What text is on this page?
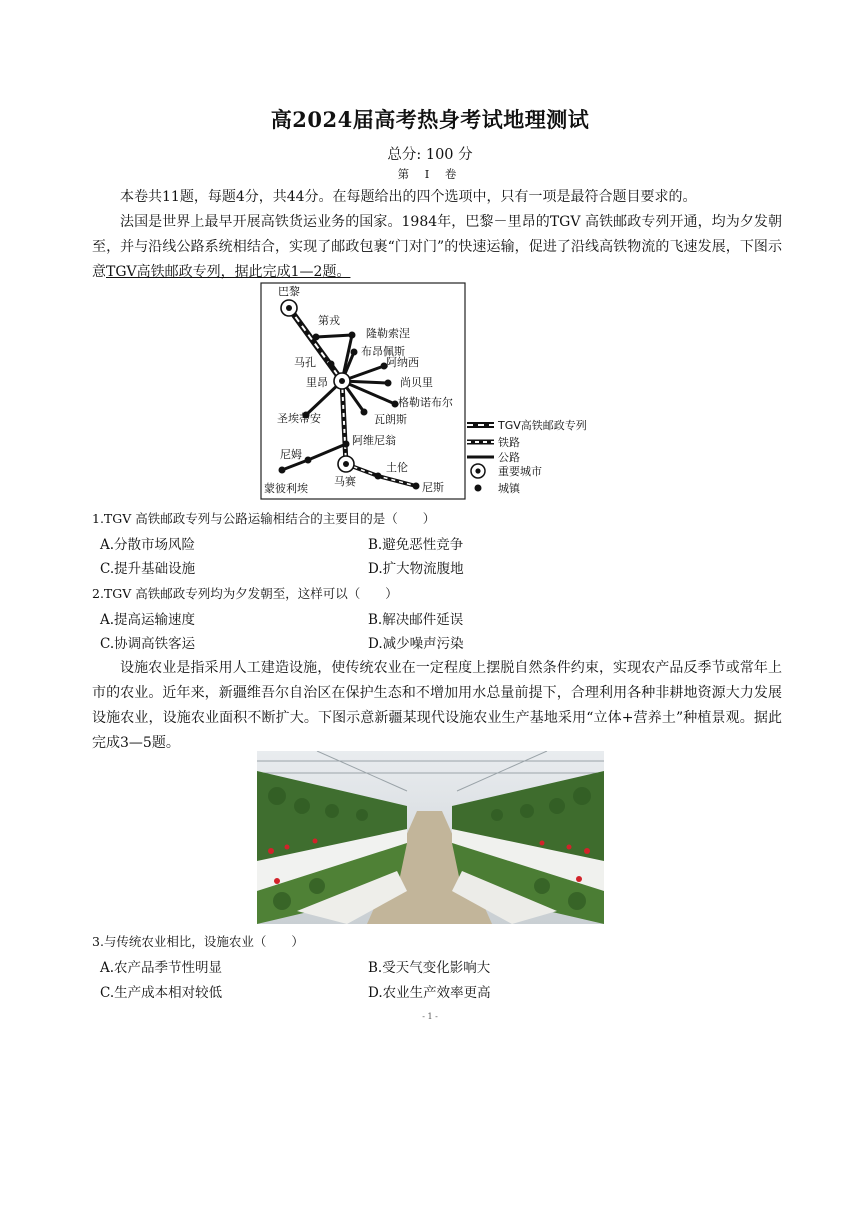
高2024届高考热身考试地理测试
总分: 100 分
第 I 卷
本卷共11题，每题4分，共44分。在每题给出的四个选项中，只有一项是最符合题目要求的。
法国是世界上最早开展高铁货运业务的国家。1984年，巴黎－里昂的TGV 高铁邮政专列开通，均为夕发朝至，并与沿线公路系统相结合，实现了邮政包裹“门对门”的快速运输，促进了沿线高铁物流的飞速发展，下图示意TGV高铁邮政专列，据此完成1—2题。
巴黎
第戎
隆勒索涅
布昂佩斯
马孔	阿纳西
里昂	尚贝里
格勒诺布尔
圣埃蒂安	瓦朗斯
阿维尼翁
尼姆
土伦
蒙彼利埃
马赛	尼斯
TGV高铁邮政专列
铁路
公路
重要城市
城镇
1.TGV 高铁邮政专列与公路运输相结合的主要目的是（　　）
A.分散市场风险	B.避免恶性竞争
C.提升基础设施	D.扩大物流腹地
2.TGV 高铁邮政专列均为夕发朝至，这样可以（　　）
A.提高运输速度	B.解决邮件延误
C.协调高铁客运	D.减少噪声污染
设施农业是指采用人工建造设施，使传统农业在一定程度上摆脱自然条件约束，实现农产品反季节或常年上市的农业。近年来，新疆维吾尔自治区在保护生态和不增加用水总量前提下，合理利用各种非耕地资源大力发展设施农业，设施农业面积不断扩大。下图示意新疆某现代设施农业生产基地采用“立体+营养土”种植景观。据此完成3—5题。
3.与传统农业相比，设施农业（　　）
A.农产品季节性明显	B.受天气变化影响大
C.生产成本相对较低	D.农业生产效率更高
- 1 -
